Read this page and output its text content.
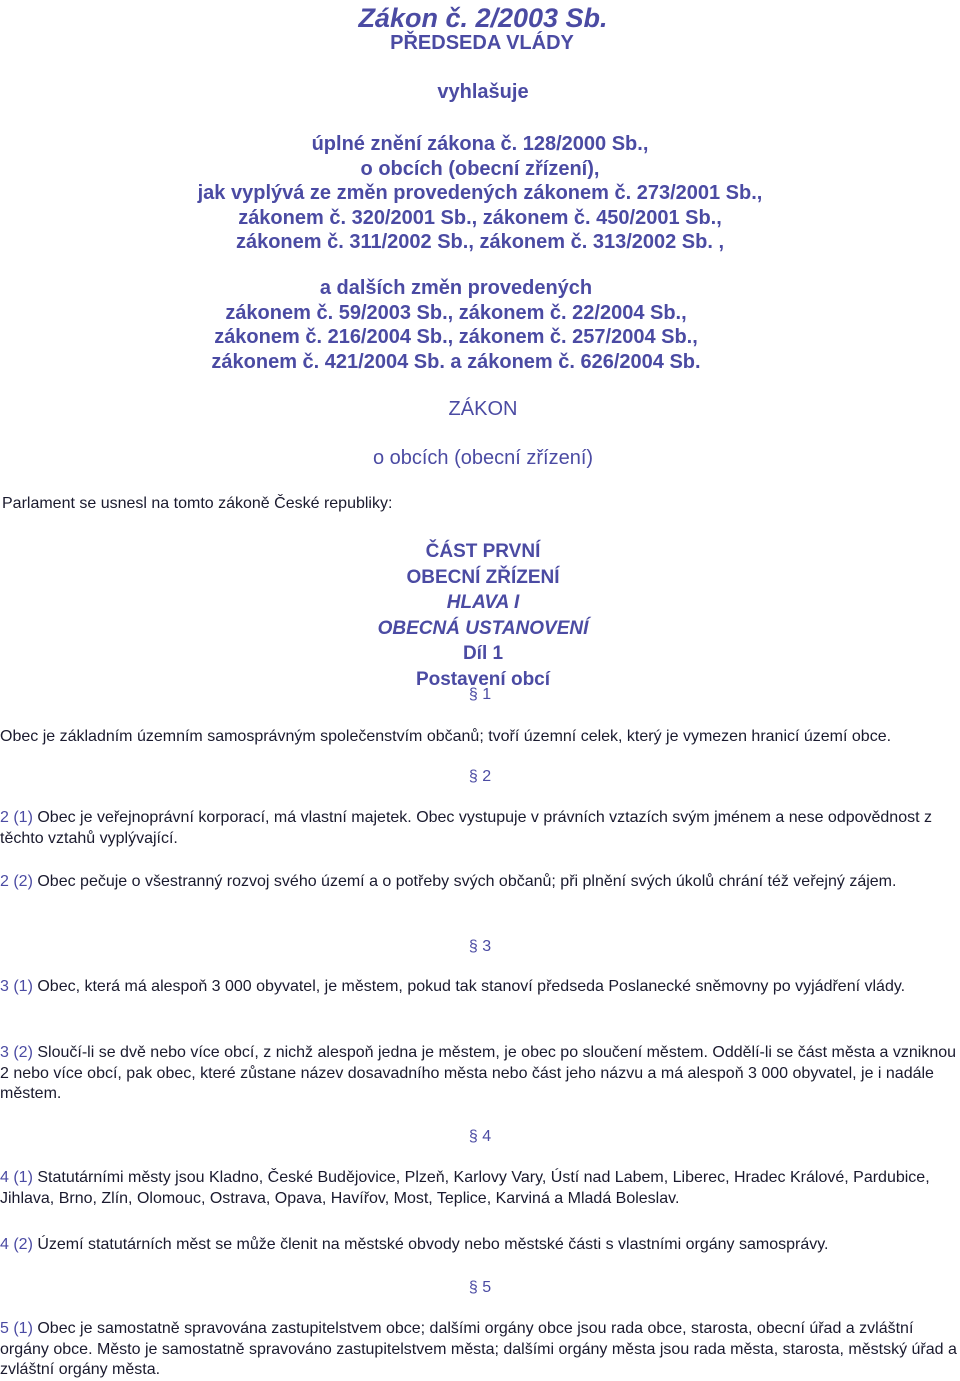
Zákon č. 2/2003 Sb.
PŘEDSEDA VLÁDY
vyhlašuje
úplné znění zákona č. 128/2000 Sb.,
o obcích (obecní zřízení),
jak vyplývá ze změn provedených zákonem č. 273/2001 Sb.,
zákonem č. 320/2001 Sb., zákonem č. 450/2001 Sb.,
zákonem č. 311/2002 Sb., zákonem č. 313/2002 Sb. ,
a dalších změn provedených
zákonem č. 59/2003 Sb., zákonem č. 22/2004 Sb.,
zákonem č. 216/2004 Sb., zákonem č. 257/2004 Sb.,
zákonem č. 421/2004 Sb. a zákonem č. 626/2004 Sb.
ZÁKON
o obcích (obecní zřízení)
Parlament se usnesl na tomto zákoně České republiky:
ČÁST PRVNÍ
OBECNÍ ZŘÍZENÍ
HLAVA I
OBECNÁ USTANOVENÍ
Díl 1
Postavení obcí
§ 1
Obec je základním územním samosprávným společenstvím občanů; tvoří územní celek, který je vymezen hranicí území obce.
§ 2
2 (1) Obec je veřejnoprávní korporací, má vlastní majetek. Obec vystupuje v právních vztazích svým jménem a nese odpovědnost z těchto vztahů vyplývající.
2 (2) Obec pečuje o všestranný rozvoj svého území a o potřeby svých občanů; při plnění svých úkolů chrání též veřejný zájem.
§ 3
3 (1) Obec, která má alespoň 3 000 obyvatel, je městem, pokud tak stanoví předseda Poslanecké sněmovny po vyjádření vlády.
3 (2) Sloučí-li se dvě nebo více obcí, z nichž alespoň jedna je městem, je obec po sloučení městem. Oddělí-li se část města a vzniknou 2 nebo více obcí, pak obec, které zůstane název dosavadního města nebo část jeho názvu a má alespoň 3 000 obyvatel, je i nadále městem.
§ 4
4 (1) Statutárními městy jsou Kladno, České Budějovice, Plzeň, Karlovy Vary, Ústí nad Labem, Liberec, Hradec Králové, Pardubice, Jihlava, Brno, Zlín, Olomouc, Ostrava, Opava, Havířov, Most, Teplice, Karviná a Mladá Boleslav.
4 (2) Území statutárních měst se může členit na městské obvody nebo městské části s vlastními orgány samosprávy.
§ 5
5 (1) Obec je samostatně spravována zastupitelstvem obce; dalšími orgány obce jsou rada obce, starosta, obecní úřad a zvláštní orgány obce. Město je samostatně spravováno zastupitelstvem města; dalšími orgány města jsou rada města, starosta, městský úřad a zvláštní orgány města.
